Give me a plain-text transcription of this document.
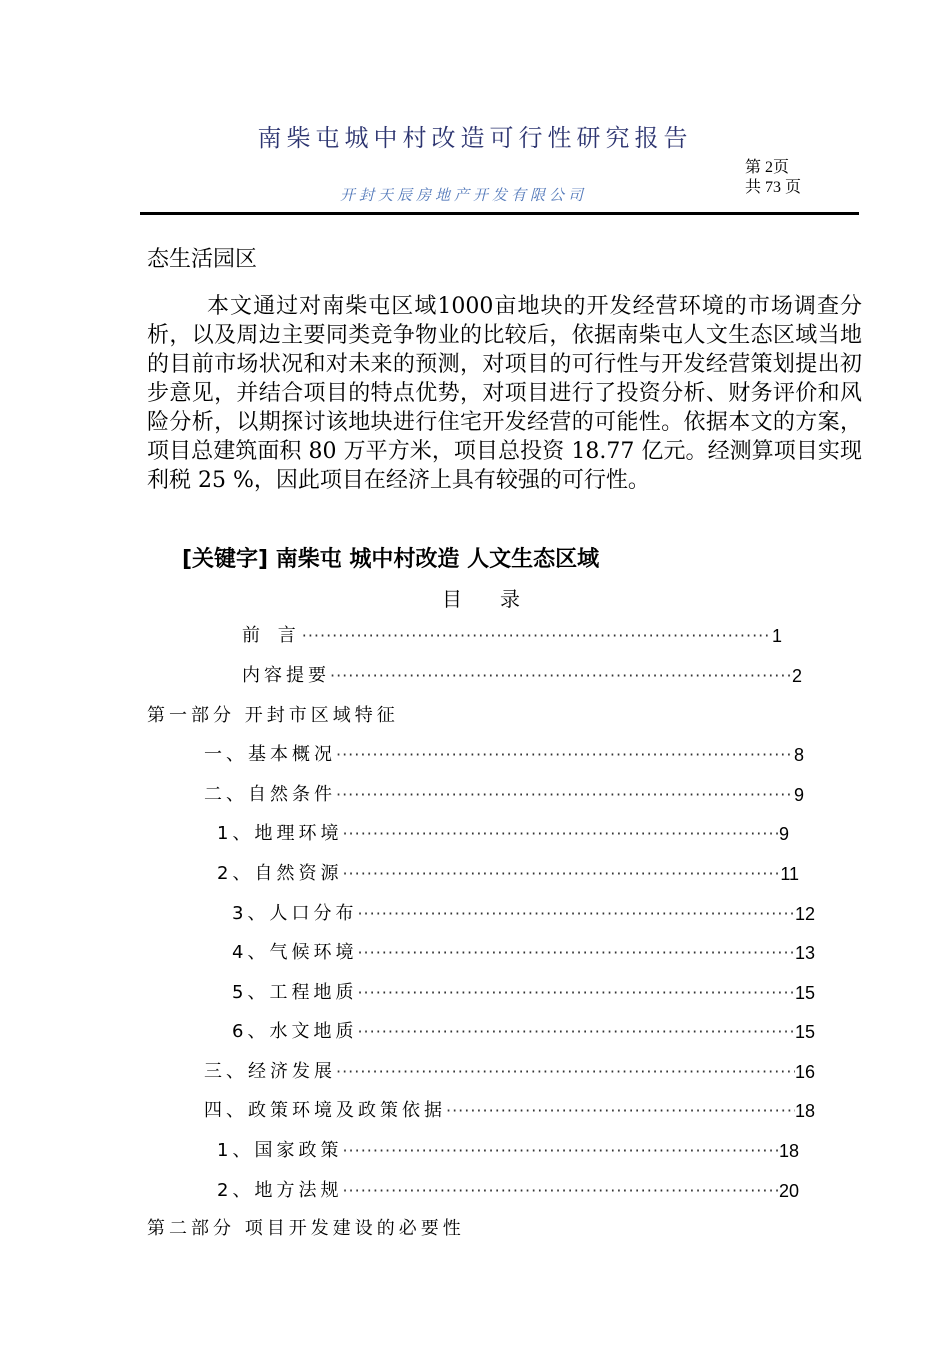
南柴屯城中村改造可行性研究报告
第 2页
共 73 页
开封天辰房地产开发有限公司
态生活园区
本文通过对南柴屯区域1000亩地块的开发经营环境的市场调查分析，以及周边主要同类竞争物业的比较后，依据南柴屯人文生态区域当地的目前市场状况和对未来的预测，对项目的可行性与开发经营策划提出初步意见，并结合项目的特点优势，对项目进行了投资分析、财务评价和风险分析，以期探讨该地块进行住宅开发经营的可能性。依据本文的方案，项目总建筑面积 80 万平方米，项目总投资 18.77 亿元。经测算项目实现利税 25 %，因此项目在经济上具有较强的可行性。
[关键字] 南柴屯 城中村改造 人文生态区域
目录
前 言 ·····	1
内容提要 ·····	2
第一部分 开封市区域特征
一、基本概况 ·····	8
二、自然条件 ·····	9
1、地理环境 ·····	9
2、自然资源 ·····	11
3、人口分布 ·····	12
4、气候环境 ·····	13
5、工程地质 ·····	15
6、水文地质 ·····	15
三、经济发展 ·····	16
四、政策环境及政策依据 ·····	18
1、国家政策 ·····	18
2、地方法规 ·····	20
第二部分 项目开发建设的必要性
